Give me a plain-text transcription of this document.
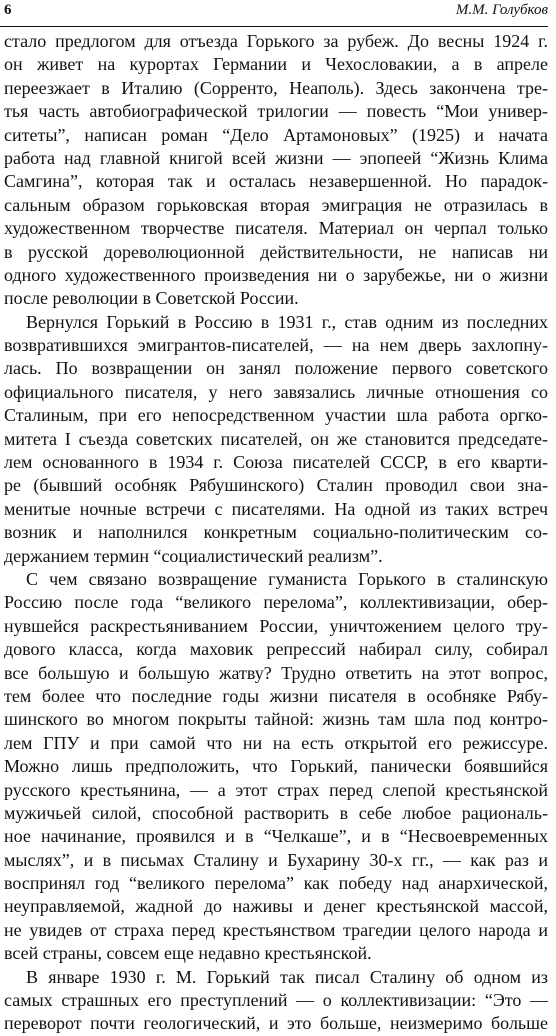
6	М.М. Голубков
стало предлогом для отъезда Горького за рубеж. До весны 1924 г.
он живет на курортах Германии и Чехословакии, а в апреле
переезжает в Италию (Сорренто, Неаполь). Здесь закончена тре-
тья часть автобиографической трилогии — повесть “Мои универ-
ситеты”, написан роман “Дело Артамоновых” (1925) и начата
работа над главной книгой всей жизни — эпопеей “Жизнь Клима
Самгина”, которая так и осталась незавершенной. Но парадок-
сальным образом горьковская вторая эмиграция не отразилась в
художественном творчестве писателя. Материал он черпал только
в русской дореволюционной действительности, не написав ни
одного художественного произведения ни о зарубежье, ни о жизни
после революции в Советской России.
Вернулся Горький в Россию в 1931 г., став одним из последних
возвратившихся эмигрантов-писателей, — на нем дверь захлопну-
лась. По возвращении он занял положение первого советского
официального писателя, у него завязались личные отношения со
Сталиным, при его непосредственном участии шла работа оргко-
митета I съезда советских писателей, он же становится председате-
лем основанного в 1934 г. Союза писателей СССР, в его кварти-
ре (бывший особняк Рябушинского) Сталин проводил свои зна-
менитые ночные встречи с писателями. На одной из таких встреч
возник и наполнился конкретным социально-политическим со-
держанием термин “социалистический реализм”.
С чем связано возвращение гуманиста Горького в сталинскую
Россию после года “великого перелома”, коллективизации, обер-
нувшейся раскрестьяниванием России, уничтожением целого тру-
дового класса, когда маховик репрессий набирал силу, собирал
все большую и большую жатву? Трудно ответить на этот вопрос,
тем более что последние годы жизни писателя в особняке Рябу-
шинского во многом покрыты тайной: жизнь там шла под контро-
лем ГПУ и при самой что ни на есть открытой его режиссуре.
Можно лишь предположить, что Горький, панически боявшийся
русского крестьянина, — а этот страх перед слепой крестьянской
мужичьей силой, способной растворить в себе любое рациональ-
ное начинание, проявился и в “Челкаше”, и в “Несвоевременных
мыслях”, и в письмах Сталину и Бухарину 30-х гг., — как раз и
воспринял год “великого перелома” как победу над анархической,
неуправляемой, жадной до наживы и денег крестьянской массой,
не увидев от страха перед крестьянством трагедии целого народа и
всей страны, совсем еще недавно крестьянской.
В январе 1930 г. М. Горький так писал Сталину об одном из
самых страшных его преступлений — о коллективизации: “Это —
переворот почти геологический, и это больше, неизмеримо больше
